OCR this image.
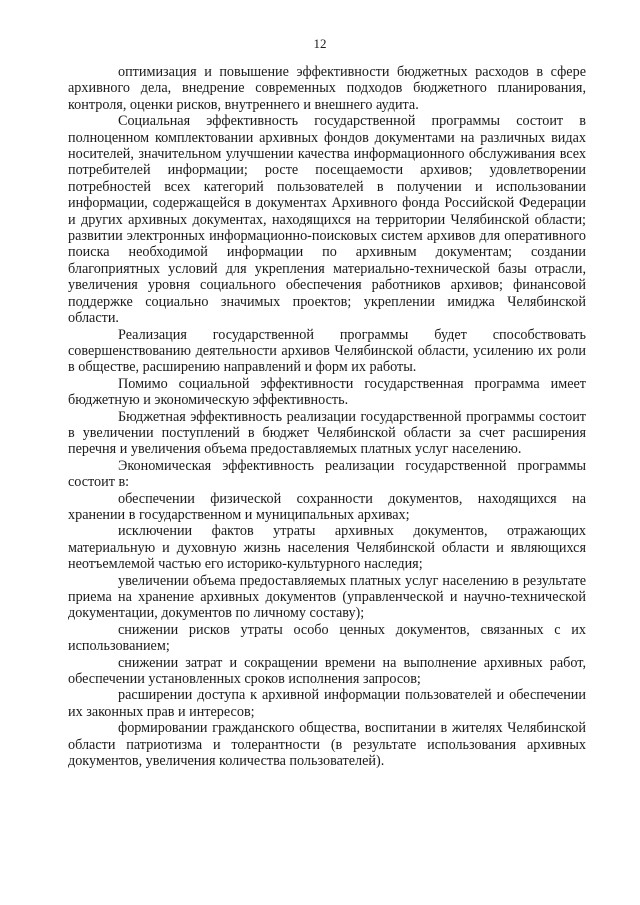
12

оптимизация и повышение эффективности бюджетных расходов в сфере архивного дела, внедрение современных подходов бюджетного планирования, контроля, оценки рисков, внутреннего и внешнего аудита.

Социальная эффективность государственной программы состоит в полноценном комплектовании архивных фондов документами на различных видах носителей, значительном улучшении качества информационного обслуживания всех потребителей информации; росте посещаемости архивов; удовлетворении потребностей всех категорий пользователей в получении и использовании информации, содержащейся в документах Архивного фонда Российской Федерации и других архивных документах, находящихся на территории Челябинской области; развитии электронных информационно-поисковых систем архивов для оперативного поиска необходимой информации по архивным документам; создании благоприятных условий для укрепления материально-технической базы отрасли, увеличения уровня социального обеспечения работников архивов; финансовой поддержке социально значимых проектов; укреплении имиджа Челябинской области.

Реализация государственной программы будет способствовать совершенствованию деятельности архивов Челябинской области, усилению их роли в обществе, расширению направлений и форм их работы.

Помимо социальной эффективности государственная программа имеет бюджетную и экономическую эффективность.

Бюджетная эффективность реализации государственной программы состоит в увеличении поступлений в бюджет Челябинской области за счет расширения перечня и увеличения объема предоставляемых платных услуг населению.

Экономическая эффективность реализации государственной программы состоит в:

обеспечении физической сохранности документов, находящихся на хранении в государственном и муниципальных архивах;

исключении фактов утраты архивных документов, отражающих материальную и духовную жизнь населения Челябинской области и являющихся неотъемлемой частью его историко-культурного наследия;

увеличении объема предоставляемых платных услуг населению в результате приема на хранение архивных документов (управленческой и научно-технической документации, документов по личному составу);

снижении рисков утраты особо ценных документов, связанных с их использованием;

снижении затрат и сокращении времени на выполнение архивных работ, обеспечении установленных сроков исполнения запросов;

расширении доступа к архивной информации пользователей и обеспечении их законных прав и интересов;

формировании гражданского общества, воспитании в жителях Челябинской области патриотизма и толерантности (в результате использования архивных документов, увеличения количества пользователей).
